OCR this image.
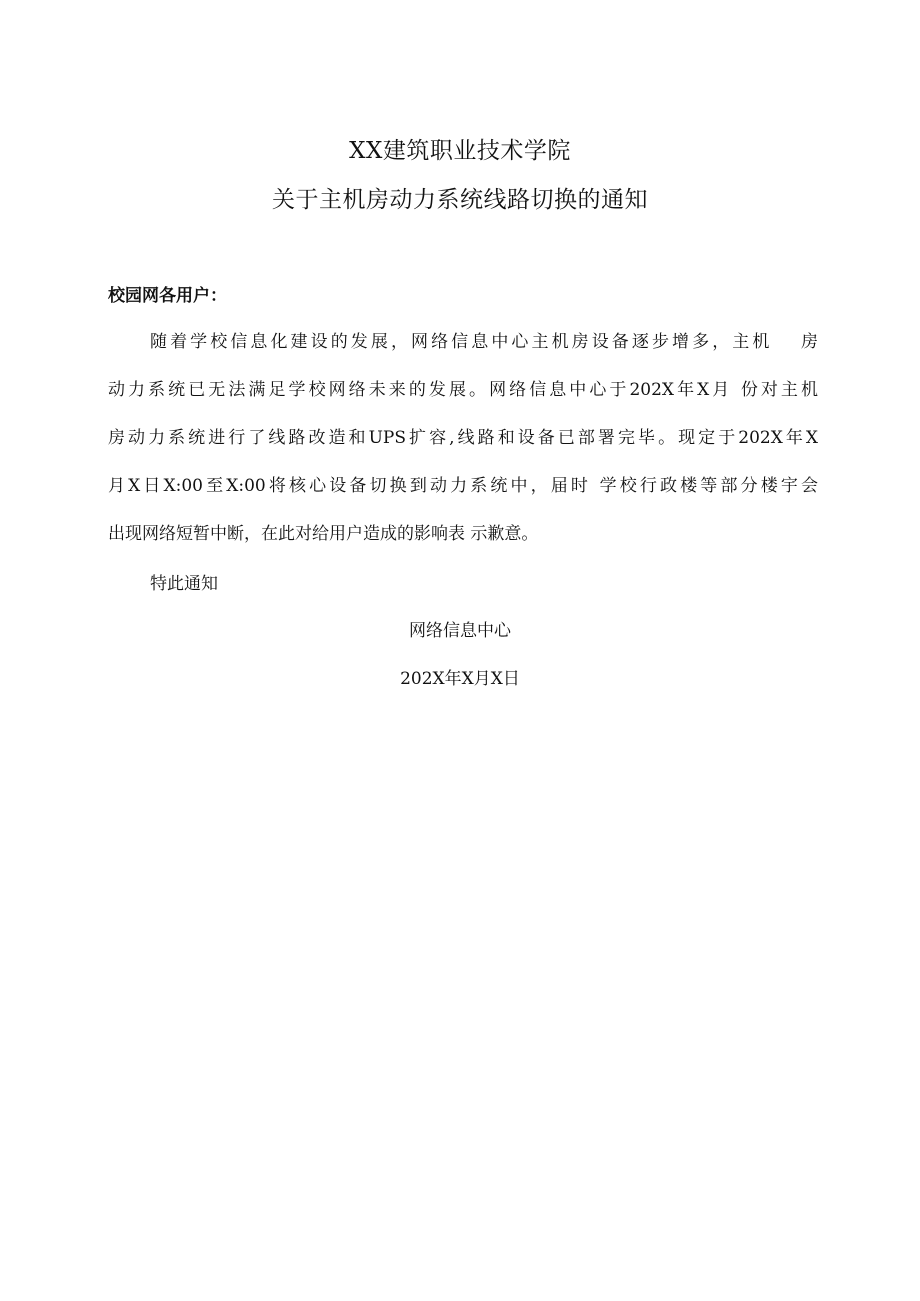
XX建筑职业技术学院
关于主机房动力系统线路切换的通知
校园网各用户：
随着学校信息化建设的发展，网络信息中心主机房设备逐步增多，主机　 房
动力系统已无法满足学校网络未来的发展。网络信息中心于202X年X月 份对主机
房动力系统进行了线路改造和UPS扩容,线路和设备已部署完毕。现定于202X年X
月X日X:00至X:00将核心设备切换到动力系统中，届时 学校行政楼等部分楼宇会
出现网络短暂中断，在此对给用户造成的影响表 示歉意。
特此通知
网络信息中心
202X年X月X日
